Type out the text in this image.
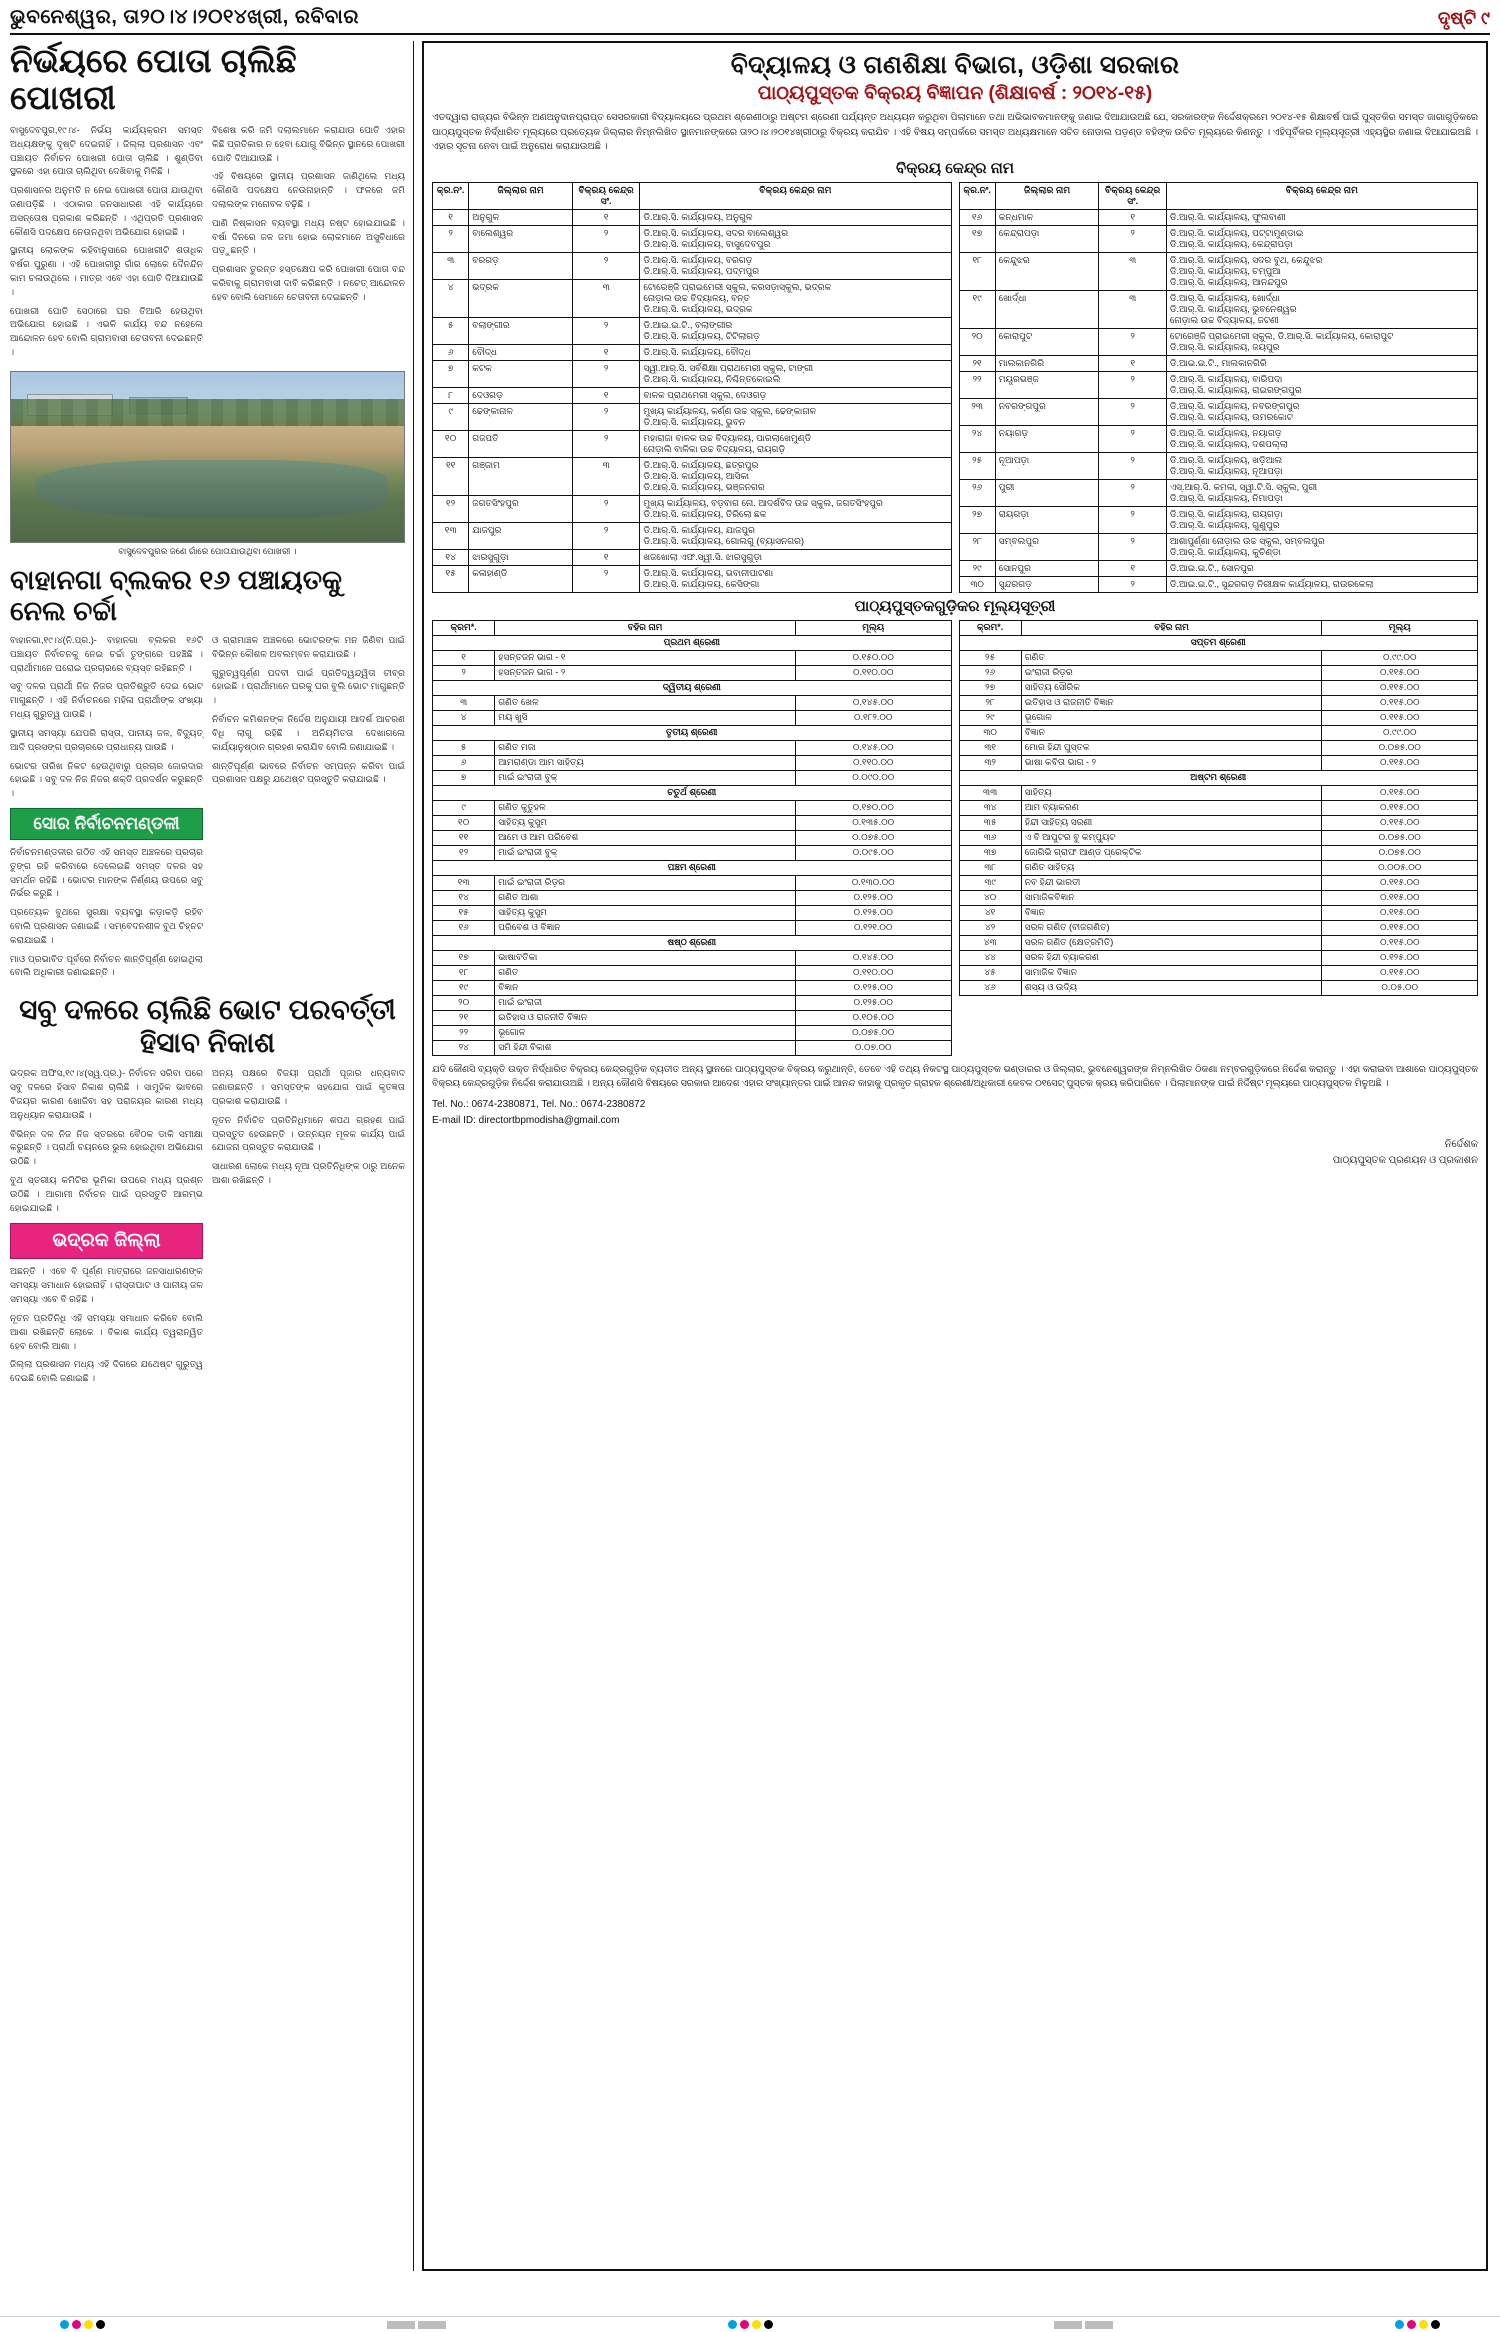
ଭୁବନେଶ୍ୱର, ତା୨୦।୪।୨୦୧୪ଖ୍ରୀ, ରବିବାର	ଦୃଷ୍ଟି ୯
ନିର୍ଭୟରେ ପୋତା ଚାଲିଛି ପୋଖରୀ

ବାସୁଦେବପୁର,୧୯।୪- ନିର୍ଭୟ କାର୍ଯ୍ୟକ୍ରମ ସମସ୍ତ ଅଧ୍ୟକ୍ଷଙ୍କୁ ଦୃଷ୍ଟି ଦେଇନାହିଁ । ଜିଲ୍ଲା ପ୍ରଶାସନ ଏବଂ ପଞ୍ଚାୟତ ନିର୍ବାଚନ ପୋଖରୀ ପୋତା ଚାଲିଛି । ଶୁଣ୍ଡିବା ସ୍ଥଳରେ ଏହା ପୋତା ଚାଲିଥିବା ଦେଖିବାକୁ ମିଳିଛି ।

ପ୍ରଶାସନର ଅନୁମତି ନ ନେଇ ପୋଖରୀ ପୋତା ଯାଉଥିବା ଜଣାପଡ଼ିଛି । ଏଠାକାର ଜନସାଧାରଣ ଏହି କାର୍ଯ୍ୟରେ ଅସନ୍ତୋଷ ପ୍ରକାଶ କରିଛନ୍ତି । ଏଥିପ୍ରତି ପ୍ରଶାସନ କୌଣସି ପଦକ୍ଷେପ ନେଉନଥିବା ଅଭିଯୋଗ ହୋଇଛି ।

ସ୍ଥାନୀୟ ଲୋକଙ୍କ କହିବାନୁସାରେ ପୋଖରୀଟି ଶତାଧିକ ବର୍ଷର ପୁରୁଣା । ଏହି ପୋଖରୀରୁ ଗାଁର ଲୋକେ ଦୈନନ୍ଦିନ କାମ ଚଳାଉଥିଲେ । ମାତ୍ର ଏବେ ଏହା ପୋତି ଦିଆଯାଉଛି ।

ପୋଖରୀ ପୋତି ସେଠାରେ ଘର ତିଆରି ହେଉଥିବା ଅଭିଯୋଗ ହୋଇଛି । ଏଭଳି କାର୍ଯ୍ୟ ବନ୍ଦ ନହେଲେ ଆନ୍ଦୋଳନ ହେବ ବୋଲି ଗ୍ରାମବାସୀ ଚେତାବନୀ ଦେଇଛନ୍ତି ।

ବିଶେଷ କରି ଜମି ଦଲାଲମାନେ କରାଯାଉ ପୋତି ଏହାର କିଛି ପ୍ରତିକାର ନ ହେବା ଯୋଗୁ ବିଭିନ୍ନ ସ୍ଥାନରେ ପୋଖରୀ ପୋତି ଦିଆଯାଉଛି ।

ଏହି ବିଷୟରେ ସ୍ଥାନୀୟ ପ୍ରଶାସନ ଜାଣିଥିଲେ ମଧ୍ୟ କୌଣସି ପଦକ୍ଷେପ ନେଉନାହାନ୍ତି । ଫଳରେ ଜମି ଦଲାଲଙ୍କ ମନୋବଳ ବଢ଼ିଛି ।

ପାଣି ନିଷ୍କାସନ ବ୍ୟବସ୍ଥା ମଧ୍ୟ ନଷ୍ଟ ହୋଇଯାଇଛି । ବର୍ଷା ଦିନରେ ଜଳ ଜମା ହୋଇ ଲୋକମାନେ ଅସୁବିଧାରେ ପଡ଼ୁଛନ୍ତି ।

ପ୍ରଶାସନ ତୁରନ୍ତ ହସ୍ତକ୍ଷେପ କରି ପୋଖରୀ ପୋତା ବନ୍ଦ କରିବାକୁ ଗ୍ରାମବାସୀ ଦାବି କରିଛନ୍ତି । ନଚେତ୍ ଆନ୍ଦୋଳନ ହେବ ବୋଲି ସେମାନେ ଚେତାବନୀ ଦେଇଛନ୍ତି ।

ବାସୁଦେବପୁରର ଜଣେ ଗାଁରେ ପୋତାଯାଉଥିବା ପୋଖରୀ ।
ବାହାନଗା ବ୍ଲକର ୧୬ ପଞ୍ଚାୟତକୁ ନେଲ ଚର୍ଚ୍ଚା

ବାହାନଗା,୧୯।୪(ନି.ପ୍ର.)- ବାହାନଗା ବ୍ଲକର ୧୬ଟି ପଞ୍ଚାୟତ ନିର୍ବାଚନକୁ ନେଇ ଚର୍ଚ୍ଚା ତୁଙ୍ଗରେ ପହଞ୍ଚିଛି । ପ୍ରାର୍ଥୀମାନେ ଘରୋଇ ପ୍ରଚାରରେ ବ୍ୟସ୍ତ ରହିଛନ୍ତି ।

ସବୁ ଦଳର ପ୍ରାର୍ଥୀ ନିଜ ନିଜର ପ୍ରତିଶ୍ରୁତି ଦେଇ ଭୋଟ ମାଗୁଛନ୍ତି । ଏହି ନିର୍ବାଚନରେ ମହିଳା ପ୍ରାର୍ଥୀଙ୍କ ସଂଖ୍ୟା ମଧ୍ୟ ଗୁରୁତ୍ୱ ପାଉଛି ।

ସ୍ଥାନୀୟ ସମସ୍ୟା ଯେପରି ରାସ୍ତା, ପାନୀୟ ଜଳ, ବିଦ୍ୟୁତ୍ ଆଦି ପ୍ରସଙ୍ଗ ପ୍ରଚାରରେ ପ୍ରାଧାନ୍ୟ ପାଉଛି ।

ଭୋଟର ତାରିଖ ନିକଟ ହେଉଥିବାରୁ ପ୍ରଚାର ଜୋରଦାର ହୋଇଛି । ସବୁ ଦଳ ନିଜ ନିଜର ଶକ୍ତି ପ୍ରଦର୍ଶନ କରୁଛନ୍ତି ।

ସୋର ନିର୍ବାଚନମଣ୍ଡଳୀ

ନିର୍ବାଚନମଣ୍ଡଳୀର ଗଠିତ ଏହି ସମସ୍ତ ଅଞ୍ଚଳରେ ପ୍ରଚାର ତୁଙ୍ଗ ରହି କରିବାରେ ଦେଲେଇଛି ସମସ୍ତ ଦଳର ସହ ସମର୍ଥନ ରହିଛି । ଭୋଟର ମାନଙ୍କ ନିର୍ଣ୍ଣୟ ଉପରେ ସବୁ ନିର୍ଭର କରୁଛି ।

ପ୍ରତ୍ୟେକ ବୁଥରେ ସୁରକ୍ଷା ବ୍ୟବସ୍ଥା କଡ଼ାକଡ଼ି ରହିବ ବୋଲି ପ୍ରଶାସନ ଜଣାଇଛି । ସମ୍ବେଦନଶୀଳ ବୁଥ ଚିହ୍ନଟ କରାଯାଇଛି ।

ମାଓ ପ୍ରଭାବିତ ପୂର୍ବରେ ନିର୍ବାଚନ ଶାନ୍ତିପୂର୍ଣ୍ଣ ହୋଇଥିଲା ବୋଲି ଅଧିକାରୀ ଜଣାଇଛନ୍ତି ।

ଓ ଗ୍ରାମାଞ୍ଚଳ ଅଞ୍ଚଳରେ ଭୋଟରଙ୍କ ମନ ଜିଣିବା ପାଇଁ ବିଭିନ୍ନ କୌଶଳ ଅବଲମ୍ବନ କରାଯାଉଛି ।

ଗୁରୁତ୍ୱପୂର୍ଣ୍ଣ ପଦବୀ ପାଇଁ ପ୍ରତିଦ୍ୱନ୍ଦ୍ୱିତା ତୀବ୍ର ହୋଇଛି । ପ୍ରାର୍ଥୀମାନେ ଘରକୁ ଘର ବୁଲି ଭୋଟ ମାଗୁଛନ୍ତି ।

ନିର୍ବାଚନ କମିଶନଙ୍କ ନିର୍ଦ୍ଦେଶ ଅନୁଯାୟୀ ଆଦର୍ଶ ଆଚରଣ ବିଧି ଲାଗୁ ରହିଛି । ଅନିୟମିତତା ଦେଖାଗଲେ କାର୍ଯ୍ୟାନୁଷ୍ଠାନ ଗ୍ରହଣ କରାଯିବ ବୋଲି ଜଣାଯାଇଛି ।

ଶାନ୍ତିପୂର୍ଣ୍ଣ ଭାବରେ ନିର୍ବାଚନ ସମ୍ପନ୍ନ କରିବା ପାଇଁ ପ୍ରଶାସନ ପକ୍ଷରୁ ଯଥେଷ୍ଟ ପ୍ରସ୍ତୁତି କରାଯାଇଛି ।

ସବୁ ଦଳରେ ଚାଲିଛି ଭୋଟ ପରବର୍ତ୍ତୀ ହିସାବ ନିକାଶ

ଭଦ୍ରକ ଅଫିସ,୧୯।୪(ସ୍ୱ.ପ୍ର.)- ନିର୍ବାଚନ ସରିବା ପରେ ସବୁ ଦଳରେ ହିସାବ ନିକାଶ ଚାଲିଛି । ସାମୁହିକ ଭାବରେ ବିଜୟର କାରଣ ଖୋଜିବା ସହ ପରାଜୟର କାରଣ ମଧ୍ୟ ଅନୁଧ୍ୟାନ କରାଯାଉଛି ।

ବିଭିନ୍ନ ଦଳ ନିଜ ନିଜ ସ୍ତରରେ ବୈଠକ ଡାକି ସମୀକ୍ଷା କରୁଛନ୍ତି । ପ୍ରାର୍ଥୀ ଚୟନରେ ଭୁଲ ହୋଇଥିବା ଅଭିଯୋଗ ଉଠିଛି ।

ବୁଥ ସ୍ତରୀୟ କମିଟିର ଭୂମିକା ଉପରେ ମଧ୍ୟ ପ୍ରଶ୍ନ ଉଠିଛି । ଆଗାମୀ ନିର୍ବାଚନ ପାଇଁ ପ୍ରସ୍ତୁତି ଆରମ୍ଭ ହୋଇଯାଇଛି ।

ଭଦ୍ରକ ଜିଲ୍ଲା

ଅଛନ୍ତି । ଏବେ ବି ପୂର୍ଣ୍ଣ ମାତ୍ରାରେ ଜନସାଧାରଣଙ୍କ ସମସ୍ୟା ସମାଧାନ ହୋଇନାହିଁ । ରାସ୍ତାଘାଟ ଓ ପାନୀୟ ଜଳ ସମସ୍ୟା ଏବେ ବି ରହିଛି ।

ନୂତନ ପ୍ରତିନିଧି ଏହି ସମସ୍ୟା ସମାଧାନ କରିବେ ବୋଲି ଆଶା ରଖିଛନ୍ତି ଲୋକେ । ବିକାଶ କାର୍ଯ୍ୟ ତ୍ୱରାନ୍ୱିତ ହେବ ବୋଲି ଆଶା ।

ଜିଲ୍ଲା ପ୍ରଶାସନ ମଧ୍ୟ ଏହି ଦିଗରେ ଯଥେଷ୍ଟ ଗୁରୁତ୍ୱ ଦେଇଛି ବୋଲି ଜଣାଇଛି ।

ଅନ୍ୟ ପକ୍ଷରେ ବିଜୟୀ ପ୍ରାର୍ଥୀ ପୂଜାର ଧନ୍ୟବାଦ ଜଣାଉଛନ୍ତି । ସମସ୍ତଙ୍କ ସହଯୋଗ ପାଇଁ କୃତଜ୍ଞତା ପ୍ରକାଶ କରାଯାଉଛି ।

ନୂତନ ନିର୍ବାଚିତ ପ୍ରତିନିଧିମାନେ ଶପଥ ଗ୍ରହଣ ପାଇଁ ପ୍ରସ୍ତୁତ ହେଉଛନ୍ତି । ଉନ୍ନୟନ ମୂଳକ କାର୍ଯ୍ୟ ପାଇଁ ଯୋଜନା ପ୍ରସ୍ତୁତ କରାଯାଉଛି ।

ସାଧାରଣ ଲୋକେ ମଧ୍ୟ ନୂଆ ପ୍ରତିନିଧିଙ୍କ ଠାରୁ ଅନେକ ଆଶା ରଖିଛନ୍ତି ।

ବିଦ୍ୟାଳୟ ଓ ଗଣଶିକ୍ଷା ବିଭାଗ, ଓଡ଼ିଶା ସରକାର
ପାଠ୍ୟପୁସ୍ତକ ବିକ୍ରୟ ବିଜ୍ଞାପନ (ଶିକ୍ଷାବର୍ଷ : ୨୦୧୪-୧୫)
ଏତଦ୍ୱାରା ରାଜ୍ୟର ବିଭିନ୍ନ ଅଣଅନୁଦାନପ୍ରାପ୍ତ ସେସରକାରୀ ବିଦ୍ୟାଳୟରେ ପ୍ରଥମ ଶ୍ରେଣୀଠାରୁ ଅଷ୍ଟମ ଶ୍ରେଣୀ ପର୍ଯ୍ୟନ୍ତ ଅଧ୍ୟୟନ କରୁଥିବା ପିଲାମାନେ ତଥା ଅଭିଭାବକମାନଙ୍କୁ ଜଣାଇ ଦିଆଯାଉଅଛି ଯେ, ସରକାରଙ୍କ ନିର୍ଦ୍ଦେଶକ୍ରମେ ୨୦୧୪-୧୫ ଶିକ୍ଷାବର୍ଷ ପାଇଁ ପୁସ୍ତକିର ସମସ୍ତ ଜାଗାଗୁଡ଼ିକରେ ପାଠ୍ୟପୁସ୍ତକ ନିର୍ଦ୍ଧାରିତ ମୂଲ୍ୟରେ ପ୍ରତ୍ୟେକ ଜିଲ୍ଲାର ନିମ୍ନଲିଖିତ ସ୍ଥାନମାନଙ୍କରେ ତା୨୦।୪।୨୦୧୪ଖ୍ରୀଠାରୁ ବିକ୍ରୟ କରାଯିବ । ଏହି ବିଷୟ ସମ୍ପର୍କରେ ସମସ୍ତ ଅଧ୍ୟକ୍ଷମାନେ ସଚିତ ନୋଡାଲ ପଡ଼ଣ୍ଡ ବହିଙ୍କ ଉଚିତ ମୂଲ୍ୟରେ କିଣନ୍ତୁ । ଏହିପୂର୍ବିକର ମୂଲ୍ୟସୂତ୍ରୀ ଏହ୍ୟସ୍ଥିର ଜଣାଇ ଦିଆଯାଇଅଛି । ଏହାର ସୂଚନା ନେବା ପାଇଁ ଅନୁରୋଧ କରାଯାଉଅଛି ।
ବିକ୍ରୟ କେନ୍ଦ୍ର ନାମ
କ୍ର.ନଂ.	ଜିଲ୍ଲାର ନାମ	ବିକ୍ରୟ କେନ୍ଦ୍ର ସଂ.	ବିକ୍ରୟ କେନ୍ଦ୍ର ନାମ
୧	ଅନୁଗୁଳ	୧	ଡି.ଆର୍.ସି. କାର୍ଯ୍ୟାଳୟ, ଅନୁଗୁଳ
୨	ବାଲେଶ୍ୱର	୨	ଡି.ଆର୍.ସି. କାର୍ଯ୍ୟାଳୟ, ସଦର ବାଲେଶ୍ୱର
ଡି.ଆର୍.ସି. କାର୍ଯ୍ୟାଳୟ, ବାସୁଦେବପୁର
୩	ବରଗଡ଼	୨	ଡି.ଆର୍.ସି. କାର୍ଯ୍ୟାଳୟ, ବରଗଡ଼
ଡି.ଆର୍.ସି. କାର୍ଯ୍ୟାଳୟ, ପଦ୍ମପୁର
୪	ଭଦ୍ରକ	୩	ଟୋରେଞ୍ଜି ପ୍ରାଇମେରୀ ସ୍କୁଲ, କରସଡ଼ାସ୍କୁଲ, ଭଦ୍ରକ
ନୋଡ଼ାଲ ଉଚ୍ଚ ବିଦ୍ୟାଳୟ, ବନ୍ତ
ଡି.ଆର୍.ସି. କାର୍ଯ୍ୟାଳୟ, ଭଦ୍ରକ
୫	ବଲାଙ୍ଗୀର	୨	ଡି.ଆଇ.ଇ.ଟି., ବଲାଙ୍ଗୀର
ଡି.ଆର୍.ସି. କାର୍ଯ୍ୟାଳୟ, ଟିଟିଲାଗଡ଼
୬	ବୌଦ୍ଧ	୧	ଡି.ଆର୍.ସି. କାର୍ଯ୍ୟାଳୟ, ବୌଦ୍ଧ
୭	କଟକ	୨	ସ୍ୱୀ.ଆର୍.ସି. ସର୍ବଶିକ୍ଷା ପ୍ରାଥମେରୀ ସ୍କୁଲ, ଟାଙ୍ଗୀ
ଡି.ଆର୍.ସି. କାର୍ଯ୍ୟାଳୟ, ନିଶ୍ଚିନ୍ତକୋଇଲି
୮	ଦେଓଗଡ଼	୧	ବାଳକ ପ୍ରାଥମେରୀ ସ୍କୁଲ, ଦେଓଗଡ଼
୯	ଢେଙ୍କାନାଳ	୨	ମୁଖ୍ୟ କାର୍ଯ୍ୟାଳୟ, କର୍ଣ୍ଣ ଉଚ୍ଚ ସ୍କୁଲ, ଢେଙ୍କାନାଳ
ଡି.ଆର୍.ସି. କାର୍ଯ୍ୟାଳୟ, ଭୁବନ
୧୦	ଗଜପତି	୨	ମହାରାଜା ବାଳକ ଉଚ୍ଚ ବିଦ୍ୟାଳୟ, ପାରଲାଖେମୁଣ୍ଡି
ନୋଡ଼ାଲି ବାଳିକା ଉଚ୍ଚ ବିଦ୍ୟାଳୟ, ରାୟଗଡ଼ି
୧୧	ଗଞ୍ଜାମ	୩	ଡି.ଆର୍.ସି. କାର୍ଯ୍ୟାଳୟ, ଛତ୍ରପୁର
ଡି.ଆର୍.ସି. କାର୍ଯ୍ୟାଳୟ, ଆସିକା
ଡି.ଆର୍.ସି. କାର୍ଯ୍ୟାଳୟ, ଭଞ୍ଜନଗର
୧୨	ଜଗତସିଂହପୁର	୨	ମୁଖ୍ୟ କାର୍ଯ୍ୟାଳୟ, ବଡ଼ବାଗ ନୋ. ଆଦର୍ଶବିଦ ଉଚ୍ଚ ସ୍କୁଲ, ଜଗତସିଂହପୁର
ଡି.ଆର୍.ସି. କାର୍ଯ୍ୟାଳୟ, ତିରିଲୋ ଛକ
୧୩	ଯାଜପୁର	୨	ଡି.ଆର୍.ସି. କାର୍ଯ୍ୟାଳୟ, ଯାଜପୁର
ଡି.ଆର୍.ସି. କାର୍ଯ୍ୟାଳୟ, ଗୋଲଗୁ (ବ୍ୟାସନଗର)
୧୪	ଝାରସୁଗୁଡ଼ା	୧	ଖଜଖୋଲା ଏଫ.ସ୍ୱୀ.ସି. ଝାରସୁଗୁଡ଼ା
୧୫	କଳାହାଣ୍ଡି	୨	ଡି.ଆର୍.ସି. କାର୍ଯ୍ୟାଳୟ, ଭବାନୀପାଟଣା
ଡି.ଆର୍.ସି. କାର୍ଯ୍ୟାଳୟ, କେସିଙ୍ଗା
କ୍ର.ନଂ.	ଜିଲ୍ଲାର ନାମ	ବିକ୍ରୟ କେନ୍ଦ୍ର ସଂ.	ବିକ୍ରୟ କେନ୍ଦ୍ର ନାମ
୧୬	କନ୍ଧମାଳ	୧	ଡି.ଆର୍.ସି. କାର୍ଯ୍ୟାଳୟ, ଫୁଲବାଣୀ
୧୭	କେନ୍ଦ୍ରାପଡ଼ା	୨	ଡି.ଆର୍.ସି. କାର୍ଯ୍ୟାଳୟ, ପଟ୍ଟାମୁଣ୍ଡାଇ
ଡି.ଆର୍.ସି. କାର୍ଯ୍ୟାଳୟ, କେନ୍ଦ୍ରାପଡ଼ା
୧୮	କେନ୍ଦୁଝର	୩	ଡି.ଆର୍.ସି. କାର୍ଯ୍ୟାଳୟ, ସଦର ବୁଥ, କେନ୍ଦୁଝର
ଡି.ଆର୍.ସି. କାର୍ଯ୍ୟାଳୟ, ଚମ୍ପୁଆ
ଡି.ଆର୍.ସି. କାର୍ଯ୍ୟାଳୟ, ଆନନ୍ଦପୁର
୧୯	ଖୋର୍ଦ୍ଧା	୩	ଡି.ଆର୍.ସି. କାର୍ଯ୍ୟାଳୟ, ଖୋର୍ଦ୍ଧା
ଡି.ଆର୍.ସି. କାର୍ଯ୍ୟାଳୟ, ଭୁବନେଶ୍ୱର
ନୋଡ଼ାଲ ଉଚ୍ଚ ବିଦ୍ୟାଳୟ, ଜଟଣୀ
୨୦	କୋରାପୁଟ	୨	ଟୋରେଞ୍ଜି ପ୍ରାଇମେରୀ ସ୍କୁଲ, ଡି.ଆର୍.ସି. କାର୍ଯ୍ୟାଳୟ, କୋରାପୁଟ
ଡି.ଆର୍.ସି. କାର୍ଯ୍ୟାଳୟ, ଜୟପୁର
୨୧	ମାଲକାନଗିରି	୧	ଡି.ଆଇ.ଇ.ଟି., ମାଲକାନଗିରି
୨୨	ମୟୂରଭଞ୍ଜ	୨	ଡି.ଆର୍.ସି. କାର୍ଯ୍ୟାଳୟ, ବାରିପଦା
ଡି.ଆର୍.ସି. କାର୍ଯ୍ୟାଳୟ, ରାଇରଙ୍ଗପୁର
୨୩	ନବରଙ୍ଗପୁର	୨	ଡି.ଆର୍.ସି. କାର୍ଯ୍ୟାଳୟ, ନବରଙ୍ଗପୁର
ଡି.ଆର୍.ସି. କାର୍ଯ୍ୟାଳୟ, ଉମରକୋଟ
୨୪	ନୟାଗଡ଼	୨	ଡି.ଆର୍.ସି. କାର୍ଯ୍ୟାଳୟ, ନୟାଗଡ଼
ଡି.ଆର୍.ସି. କାର୍ଯ୍ୟାଳୟ, ଦଶପଲ୍ଲା
୨୫	ନୂଆପଡ଼ା	୨	ଡି.ଆର୍.ସି. କାର୍ଯ୍ୟାଳୟ, ଖଡ଼ିଆଲ
ଡି.ଆର୍.ସି. କାର୍ଯ୍ୟାଳୟ, ନୂଆପଡ଼ା
୨୬	ପୁରୀ	୨	ଏସ୍.ଆର୍.ସି. କମଳା, ସ୍ୱୀ.ଟି.ସି. ସ୍କୁଲ, ପୁରୀ
ଡି.ଆର୍.ସି. କାର୍ଯ୍ୟାଳୟ, ନିମାପଡ଼ା
୨୭	ରାୟଗଡ଼ା	୨	ଡି.ଆର୍.ସି. କାର୍ଯ୍ୟାଳୟ, ରାୟଗଡ଼ା
ଡି.ଆର୍.ସି. କାର୍ଯ୍ୟାଳୟ, ଗୁଣୁପୁର
୨୮	ସମ୍ବଲପୁର	୨	ଆଶାପୁର୍ଣ୍ଣା ନୋଡ଼ାଲ ଉଚ୍ଚ ସ୍କୁଲ, ସମ୍ବଲପୁର
ଡି.ଆର୍.ସି. କାର୍ଯ୍ୟାଳୟ, କୁଚିଣ୍ଡା
୨୯	ସୋନପୁର	୧	ଡି.ଆଇ.ଇ.ଟି., ସୋନପୁର
୩୦	ସୁନ୍ଦରଗଡ଼	୨	ଡି.ଆଇ.ଇ.ଟି., ସୁନ୍ଦରଗଡ଼ ନିରୀକ୍ଷକ କାର୍ଯ୍ୟାଳୟ, ରାଉରକେଲା
ପାଠ୍ୟପୁସ୍ତକଗୁଡ଼ିକର ମୂଲ୍ୟସୂତ୍ରୀ
କ୍ରମ*.	ବହିର ନାମ	ମୂଲ୍ୟ
ପ୍ରଥମ ଶ୍ରେଣୀ		
୧	ହସନ୍ତଜନ ଭାଗ - ୧	୦.୧୫୦.୦୦
୨	ହସନ୍ତଜନ ଭାଗ - ୨	୦.୧୧୦.୦୦
ଦ୍ୱିତୀୟ ଶ୍ରେଣୀ		
୩	ଗଣିତ ଖେଳ	୦.୧୪୫.୦୦
୪	ମୟ ଖୁସି	୦.୧୮୨.୦୦
ତୃତୀୟ ଶ୍ରେଣୀ		
୫	ଗଣିତ ମଜା	୦.୧୪୫.୦୦
୬	ଆମରାଣ୍ଡା ଆମ ସାହିତ୍ୟ	୦.୧୧୦.୦୦
୭	ମାଇଁ ଇଂରାଜୀ ବୁକ୍	୦.୦୯୦.୦୦
ଚତୁର୍ଥ ଶ୍ରେଣୀ		
୯	ଗଣିତ କୁତୁହଳ	୦.୧୭୦.୦୦
୧୦	ସାହିତ୍ୟ କୁସୁମ	୦.୧୩୫.୦୦
୧୧	ଆମେ ଓ ଆମ ପରିବେଶ	୦.୦୭୫.୦୦
୧୨	ମାଇଁ ଇଂରାଜୀ ବୁକ୍	୦.୦୯୫.୦୦
ପଞ୍ଚମ ଶ୍ରେଣୀ		
୧୩	ମାଇଁ ଇଂରାଜୀ ରିଡ଼ର	୦.୧୩୦.୦୦
୧୪	ଗଣିତ ଆଶା	୦.୧୨୫.୦୦
୧୫	ସାହିତ୍ୟ କୁସୁମ	୦.୧୨୫.୦୦
୧୬	ପରିବେଶ ଓ ବିଜ୍ଞାନ	୦.୧୨୧.୦୦
ଷଷ୍ଠ ଶ୍ରେଣୀ		
୧୭	ଭାଷାବତିକା	୦.୧୪୫.୦୦
୧୮	ଗଣିତ	୦.୧୧୦.୦୦
୧୯	ବିଜ୍ଞାନ	୦.୧୨୫.୦୦
୨୦	ମାଇଁ ଇଂରାଜୀ	୦.୧୨୫.୦୦
୨୧	ଇତିହାସ ଓ ରାଜନୀତି ବିଜ୍ଞାନ	୦.୧୦୫.୦୦
୨୨	ଭୂଗୋଳ	୦.୦୭୫.୦୦
୨୪	ସମି ହିନ୍ଦୀ ବିକାଶ	୦.୦୭.୦୦
କ୍ରମ*.	ବହିର ନାମ	ମୂଲ୍ୟ
ସପ୍ତମ ଶ୍ରେଣୀ		
୨୫	ଗଣିତ	୦.୯୯.୦୦
୨୬	ଇଂରାଜୀ ରିଡ଼ର	୦.୧୧୫.୦୦
୨୭	ସାହିତ୍ୟ ସୌରିକ	୦.୧୧୫.୦୦
୨୮	ଇତିହାସ ଓ ରାଜନୀତି ବିଜ୍ଞାନ	୦.୧୧୫.୦୦
୨୯	ଭୂଗୋଳ	୦.୧୧୫.୦୦
୩୦	ବିଜ୍ଞାନ	୦.୯୯.୦୦
୩୧	ମୋର ହିନ୍ଦୀ ପୁସ୍ତକ	୦.୦୭୫.୦୦
୩୨	ଭାଷା କବିତା ଭାଗ - ୨	୦.୧୧୫.୦୦
ଅଷ୍ଟମ ଶ୍ରେଣୀ		
୩୩	ସାହିତ୍ୟ	୦.୧୧୫.୦୦
୩୪	ଆମ ବ୍ୟାକରଣ	୦.୧୧୫.୦୦
୩୫	ହିନ୍ଦୀ ସାହିତ୍ୟ ସରଣୀ	୦.୧୧୫.୦୦
୩୬	ଏ ବି ଆପୁଟର ବୁ କମ୍ପ୍ୟୁଟ	୦.୦୭୫.୦୦
୩୭	ଜୋଗିଭି ଗ୍ରାଫ ଆଣ୍ଡ ପ୍ରେକ୍ଟିକ	୦.୦୭୫.୦୦
୩୮	ଗଣିତ ସାହିତ୍ୟ	୦.୦୦୫.୦୦
୩୯	ନବ ହିନ୍ଦୀ ଭାରତୀ	୦.୧୧୫.୦୦
୪୦	ସାମାଜିକବିଜ୍ଞାନ	୦.୧୧୫.୦୦
୪୧	ବିଜ୍ଞାନ	୦.୧୧୫.୦୦
୪୨	ସରଳ ଗଣିତ (ବୀଜଗଣିତ)	୦.୧୧୫.୦୦
୪୩	ସରଳ ଗଣିତ (କ୍ଷେତ୍ରମିତି)	୦.୧୧୫.୦୦
୪୪	ସରଳ ହିନ୍ଦୀ ବ୍ୟାକରଣ	୦.୧୨୫.୦୦
୪୫	ସାମାଜିକ ବିଜ୍ଞାନ	୦.୧୧୫.୦୦
୪୬	ଶସ୍ୟ ଓ ଉଦ୍ୟି	୦.୦୫.୦୦
ଯଦି କୌଣସି ବ୍ୟକ୍ତି ଉକ୍ତ ନିର୍ଦ୍ଧାରିତ ବିକ୍ରୟ କେନ୍ଦ୍ରଗୁଡ଼ିକ ବ୍ୟତୀତ ଅନ୍ୟ ସ୍ଥାନରେ ପାଠ୍ୟପୁସ୍ତକ ବିକ୍ରୟ କରୁଥାନ୍ତି, ତେବେ ଏହି ତଥ୍ୟ ନିକଟସ୍ଥ ପାଠ୍ୟପୁସ୍ତକ ଭଣ୍ଡାରର ଓ ଜିଲ୍ଲାର, ଭୁବନେଶ୍ୱରଙ୍କ ନିମ୍ନଲିଖିତ ଠିକଣା ନମ୍ବରଗୁଡ଼ିକରେ ନିର୍ଦ୍ଦେଶ କରାନ୍ତୁ । ଏହା କରାଇବା ଆଶାରେ ପାଠ୍ୟପୁସ୍ତକ ବିକ୍ରୟ କେନ୍ଦ୍ରଗୁଡ଼ିକ ନିର୍ଦ୍ଦେଶ କରାଯାଉଅଛି । ଅନ୍ୟ କୌଣସି ବିଷୟରେ ସରକାର ଆଦେଶ ଏହାର ସଂଖ୍ୟାନ୍ତର ପାଇଁ ଆନନ୍ଦ କାହାକୁ ପ୍ରକୃତ ଗ୍ରାହକ ଶ୍ରେଣୀ/ଅଧିକାରୀ କେବଳ ୦୧ସେଟ୍ ପୁସ୍ତକ କ୍ରୟ କରିପାରିବେ । ପିଲାମାନଙ୍କ ପାଇଁ ନିର୍ଦ୍ଦିଷ୍ଟ ମୂଲ୍ୟରେ ପାଠ୍ୟପୁସ୍ତକ ମିଳୁଅଛି ।
Tel. No.: 0674-2380871, Tel. No.: 0674-2380872
E-mail ID: directortbpmodisha@gmail.com
ନିର୍ଦ୍ଦେଶକ
ପାଠ୍ୟପୁସ୍ତକ ପ୍ରଣୟନ ଓ ପ୍ରକାଶନ
